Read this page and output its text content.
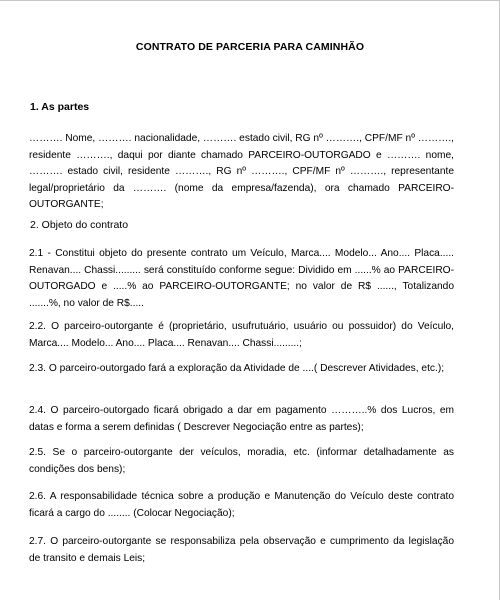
CONTRATO DE PARCERIA PARA CAMINHÃO
1. As partes
………. Nome, ………. nacionalidade, ………. estado civil, RG nº ………., CPF/MF nº ………., residente ………., daqui por diante chamado PARCEIRO-OUTORGADO e ………. nome, ………. estado civil, residente ………., RG nº ………., CPF/MF nº ………., representante legal/proprietário da ………. (nome da empresa/fazenda), ora chamado PARCEIRO-OUTORGANTE;
2. Objeto do contrato
2.1 - Constitui objeto do presente contrato um Veículo, Marca.... Modelo... Ano.... Placa..... Renavan.... Chassi......... será constituído conforme segue: Dividido em ......% ao PARCEIRO-OUTORGADO e .....% ao PARCEIRO-OUTORGANTE; no valor de R$ ......, Totalizando .......%, no valor de R$.....
2.2. O parceiro-outorgante é (proprietário, usufrutuário, usuário ou possuidor) do Veículo, Marca.... Modelo... Ano.... Placa.... Renavan.... Chassi.........;
2.3. O parceiro-outorgado fará a exploração da Atividade de ....( Descrever Atividades, etc.);
2.4. O parceiro-outorgado ficará obrigado a dar em pagamento ………..% dos Lucros, em datas e forma a serem definidas ( Descrever Negociação entre as partes);
2.5. Se o parceiro-outorgante der veículos, moradia, etc. (informar detalhadamente as condições dos bens);
2.6. A responsabilidade técnica sobre a produção e Manutenção do Veículo deste contrato ficará a cargo do ........ (Colocar Negociação);
2.7. O parceiro-outorgante se responsabiliza pela observação e cumprimento da legislação de transito e demais Leis;
